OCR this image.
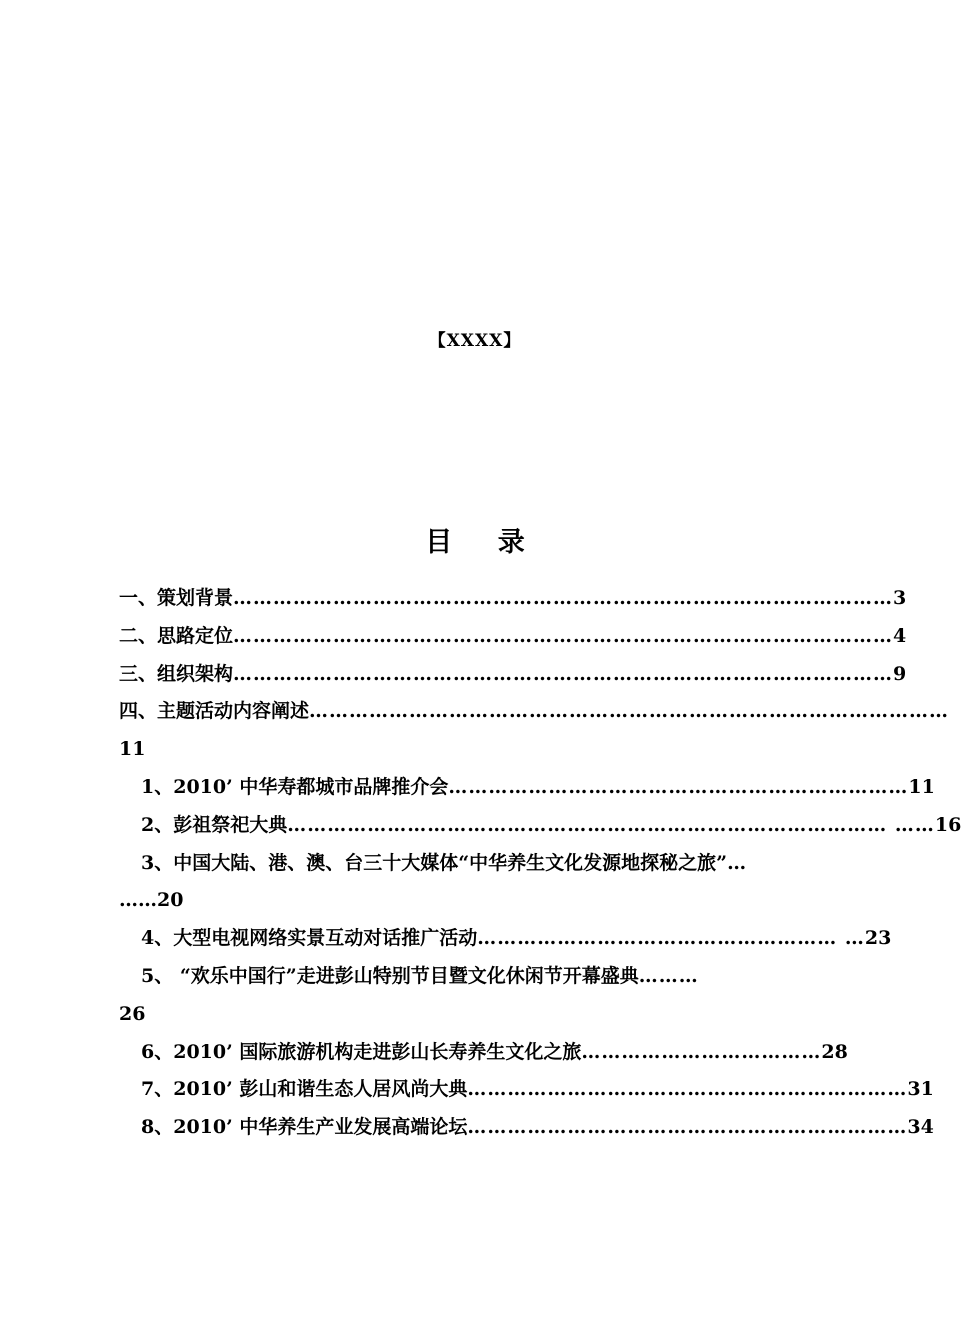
【XXXX】
目 录
一、策划背景 ……………………………………………………………………………………… 3
二、思路定位 ……………………………………………………………………………………… 4
三、组织架构 ……………………………………………………………………………………… 9
四、主题活动内容阐述 ……………………………………………………………………………………
11
1、2010’ 中华寿都城市品牌推介会 …………………………………………………………… 11
2、彭祖祭祀大典 ……………………………………………………………………………… …… 16
3、中国大陆、港、澳、台三十大媒体“中华养生文化发源地探秘之旅” …
……20
4、大型电视网络实景互动对话推广活动 ……………………………………………… … 23
5、 “欢乐中国行”走进彭山特别节目暨文化休闲节开幕盛典 ………
26
6、2010’ 国际旅游机构走进彭山长寿养生文化之旅 ……………………………… 28
7、2010’ 彭山和谐生态人居风尚大典 ………………………………………………………… 31
8、2010’ 中华养生产业发展高端论坛 ………………………………………………………… 34
